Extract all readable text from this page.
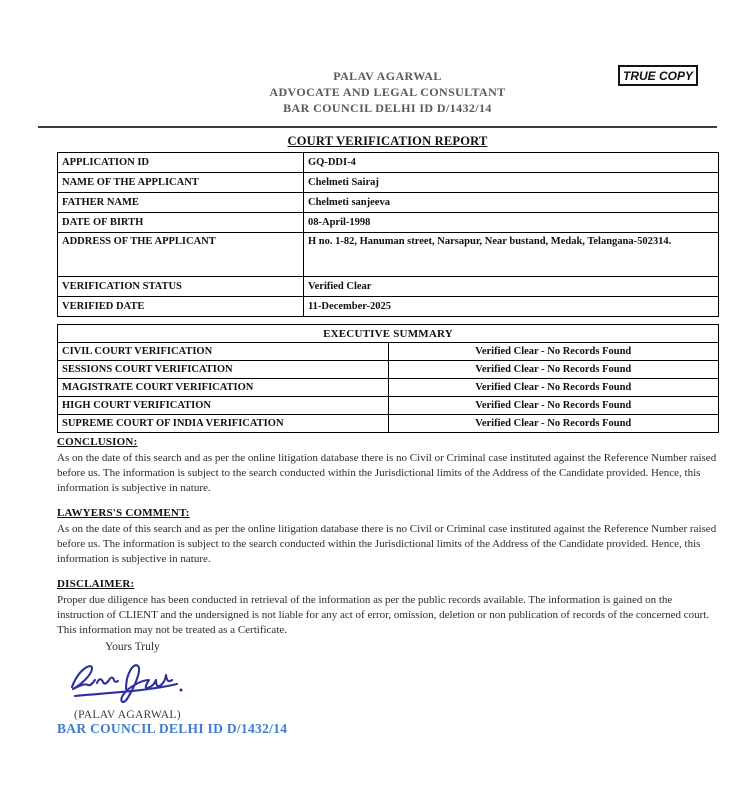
PALAV AGARWAL
ADVOCATE AND LEGAL CONSULTANT
BAR COUNCIL DELHI ID D/1432/14
TRUE COPY
COURT VERIFICATION REPORT
APPLICATION ID	GQ-DDI-4
NAME OF THE APPLICANT	Chelmeti Sairaj
FATHER NAME	Chelmeti sanjeeva
DATE OF BIRTH	08-April-1998
ADDRESS OF THE APPLICANT	H no. 1-82, Hanuman street, Narsapur, Near bustand, Medak, Telangana-502314.
VERIFICATION STATUS	Verified Clear
VERIFIED DATE	11-December-2025
EXECUTIVE SUMMARY	
CIVIL COURT VERIFICATION	Verified Clear - No Records Found
SESSIONS COURT VERIFICATION	Verified Clear - No Records Found
MAGISTRATE COURT VERIFICATION	Verified Clear - No Records Found
HIGH COURT VERIFICATION	Verified Clear - No Records Found
SUPREME COURT OF INDIA VERIFICATION	Verified Clear - No Records Found
CONCLUSION:

As on the date of this search and as per the online litigation database there is no Civil or Criminal case instituted against the Reference Number raised before us. The information is subject to the search conducted within the Jurisdictional limits of the Address of the Candidate provided. Hence, this information is subjective in nature.

LAWYERS'S COMMENT:

As on the date of this search and as per the online litigation database there is no Civil or Criminal case instituted against the Reference Number raised before us. The information is subject to the search conducted within the Jurisdictional limits of the Address of the Candidate provided. Hence, this information is subjective in nature.

DISCLAIMER:

Proper due diligence has been conducted in retrieval of the information as per the public records available. The information is gained on the instruction of CLIENT and the undersigned is not liable for any act of error, omission, deletion or non publication of records of the concerned court. This information may not be treated as a Certificate.

Yours Truly
(PALAV AGARWAL)
BAR COUNCIL DELHI ID D/1432/14
